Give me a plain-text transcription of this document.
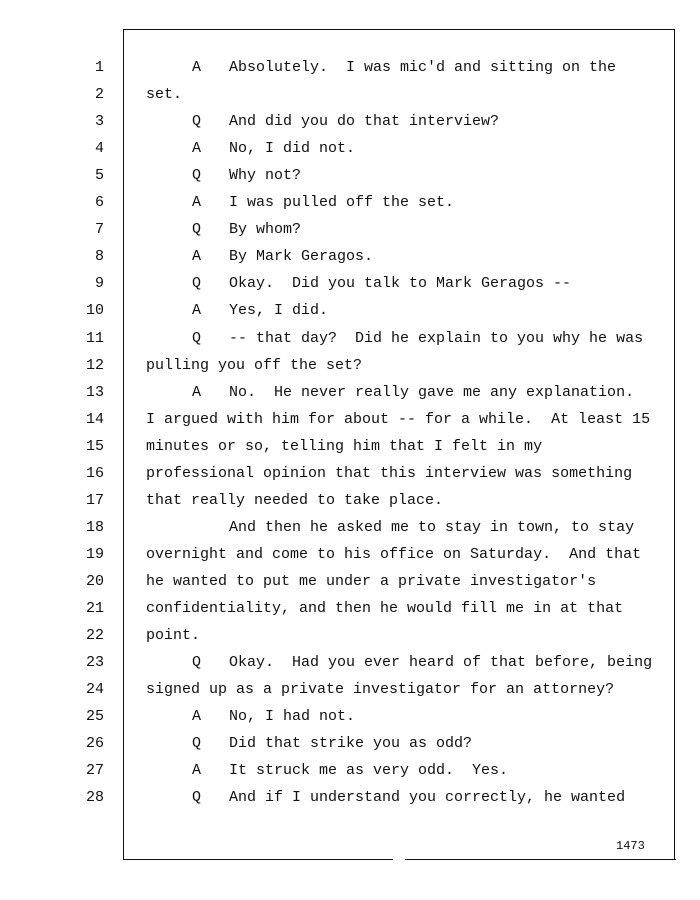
1	A Absolutely.  I was mic'd and sitting on the
2	set.
3	Q And did you do that interview?
4	A No, I did not.
5	Q Why not?
6	A I was pulled off the set.
7	Q By whom?
8	A By Mark Geragos.
9	Q Okay.  Did you talk to Mark Geragos --
10	A Yes, I did.
11	Q -- that day?  Did he explain to you why he was
12	pulling you off the set?
13	A No.  He never really gave me any explanation.
14	I argued with him for about -- for a while.  At least 15
15	minutes or so, telling him that I felt in my
16	professional opinion that this interview was something
17	that really needed to take place.
18	And then he asked me to stay in town, to stay
19	overnight and come to his office on Saturday.  And that
20	he wanted to put me under a private investigator's
21	confidentiality, and then he would fill me in at that
22	point.
23	Q Okay.  Had you ever heard of that before, being
24	signed up as a private investigator for an attorney?
25	A No, I had not.
26	Q Did that strike you as odd?
27	A It struck me as very odd.  Yes.
28	Q And if I understand you correctly, he wanted
1473
